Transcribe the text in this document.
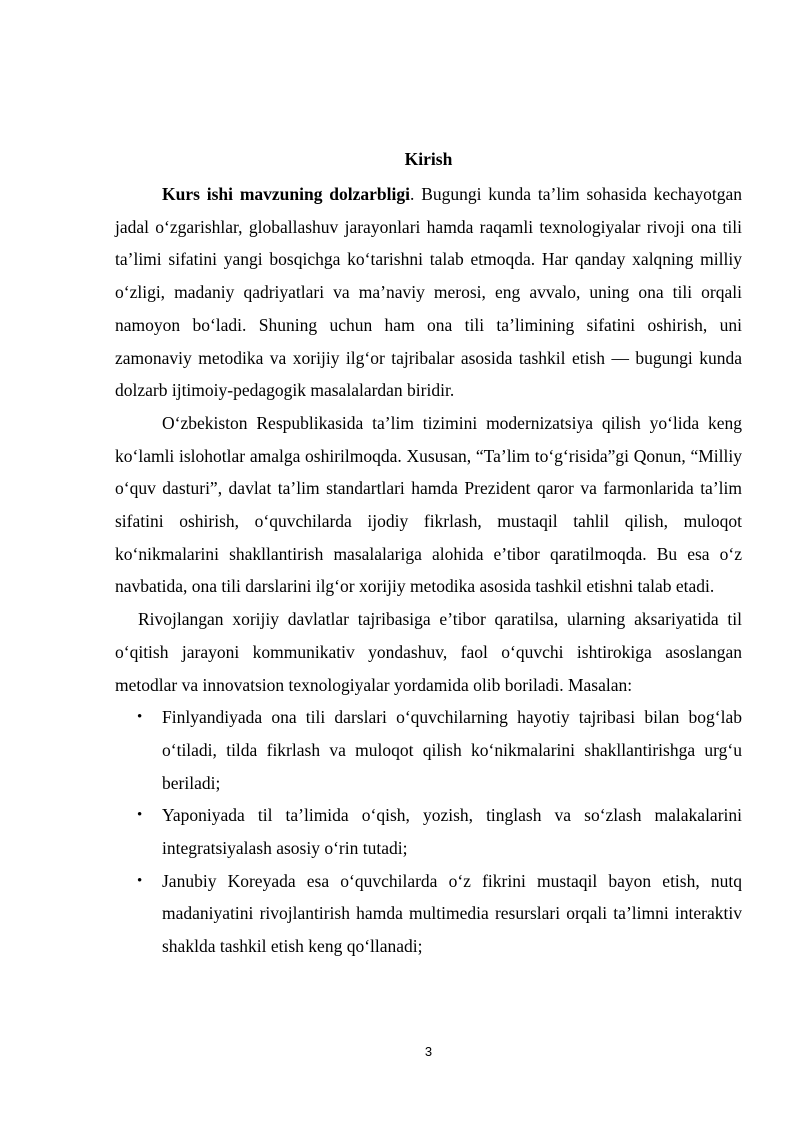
Kirish

Kurs ishi mavzuning dolzarbligi. Bugungi kunda ta’lim sohasida kechayotgan jadal o‘zgarishlar, globallashuv jarayonlari hamda raqamli texnologiyalar rivoji ona tili ta’limi sifatini yangi bosqichga ko‘tarishni talab etmoqda. Har qanday xalqning milliy o‘zligi, madaniy qadriyatlari va ma’naviy merosi, eng avvalo, uning ona tili orqali namoyon bo‘ladi. Shuning uchun ham ona tili ta’limining sifatini oshirish, uni zamonaviy metodika va xorijiy ilg‘or tajribalar asosida tashkil etish — bugungi kunda dolzarb ijtimoiy-pedagogik masalalardan biridir.

O‘zbekiston Respublikasida ta’lim tizimini modernizatsiya qilish yo‘lida keng ko‘lamli islohotlar amalga oshirilmoqda. Xususan, “Ta’lim to‘g‘risida”gi Qonun, “Milliy o‘quv dasturi”, davlat ta’lim standartlari hamda Prezident qaror va farmonlarida ta’lim sifatini oshirish, o‘quvchilarda ijodiy fikrlash, mustaqil tahlil qilish, muloqot ko‘nikmalarini shakllantirish masalalariga alohida e’tibor qaratilmoqda. Bu esa o‘z navbatida, ona tili darslarini ilg‘or xorijiy metodika asosida tashkil etishni talab etadi.

Rivojlangan xorijiy davlatlar tajribasiga e’tibor qaratilsa, ularning aksariyatida til o‘qitish jarayoni kommunikativ yondashuv, faol o‘quvchi ishtirokiga asoslangan metodlar va innovatsion texnologiyalar yordamida olib boriladi. Masalan:

• Finlyandiyada ona tili darslari o‘quvchilarning hayotiy tajribasi bilan bog‘lab o‘tiladi, tilda fikrlash va muloqot qilish ko‘nikmalarini shakllantirishga urg‘u beriladi;
• Yaponiyada til ta’limida o‘qish, yozish, tinglash va so‘zlash malakalarini integratsiyalash asosiy o‘rin tutadi;
• Janubiy Koreyada esa o‘quvchilarda o‘z fikrini mustaqil bayon etish, nutq madaniyatini rivojlantirish hamda multimedia resurslari orqali ta’limni interaktiv shaklda tashkil etish keng qo‘llanadi;
3
